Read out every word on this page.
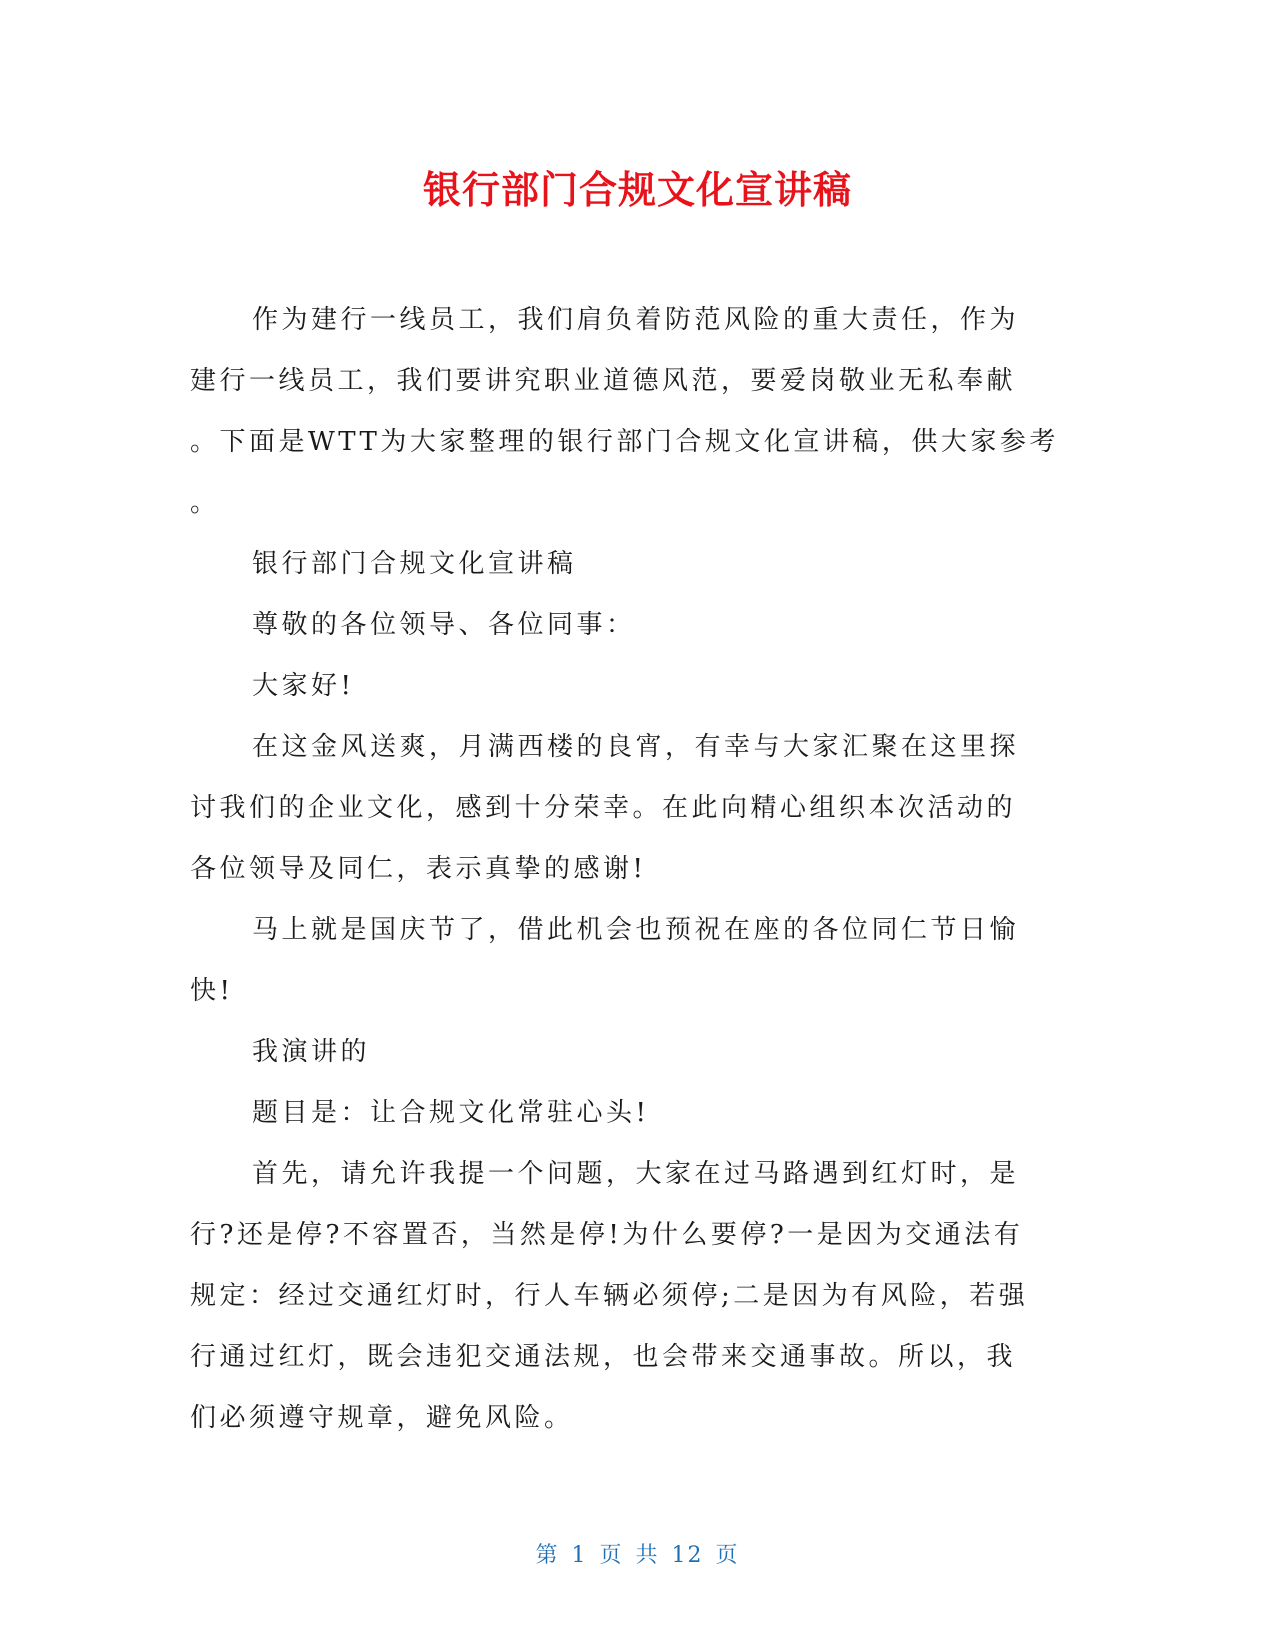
银行部门合规文化宣讲稿
作为建行一线员工，我们肩负着防范风险的重大责任，作为
建行一线员工，我们要讲究职业道德风范，要爱岗敬业无私奉献
。下面是WTT为大家整理的银行部门合规文化宣讲稿，供大家参考
。
银行部门合规文化宣讲稿
尊敬的各位领导、各位同事：
大家好!
在这金风送爽，月满西楼的良宵，有幸与大家汇聚在这里探
讨我们的企业文化，感到十分荣幸。在此向精心组织本次活动的
各位领导及同仁，表示真挚的感谢!
马上就是国庆节了，借此机会也预祝在座的各位同仁节日愉
快!
我演讲的
题目是：让合规文化常驻心头!
首先，请允许我提一个问题，大家在过马路遇到红灯时，是
行?还是停?不容置否，当然是停!为什么要停?一是因为交通法有
规定：经过交通红灯时，行人车辆必须停;二是因为有风险，若强
行通过红灯，既会违犯交通法规，也会带来交通事故。所以，我
们必须遵守规章，避免风险。
第 1 页 共 12 页
